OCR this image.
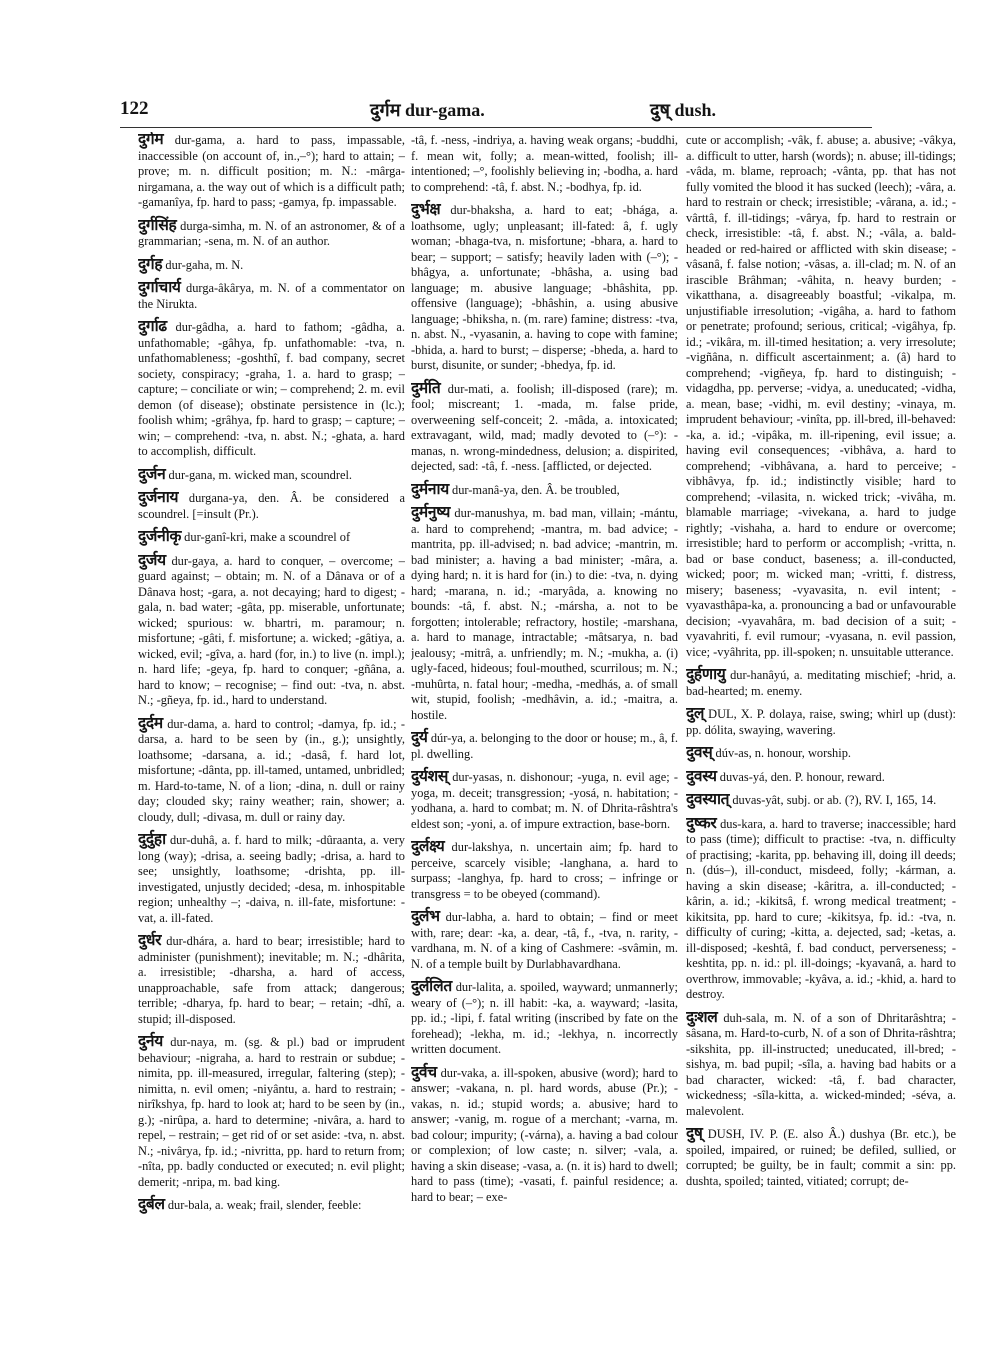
122	दुर्गम dur-gama.	दुष् dush.

दुर्गम dur-gama, a. hard to pass, impassable, inaccessible (on account of, in.,–°); hard to attain; – prove; m. n. difficult position; m. N.: -mârga-nirgamana, a. the way out of which is a difficult path; -gamanîya, fp. hard to pass; -gamya, fp. impassable.

दुर्गसिंह durga-simha, m. N. of an astronomer, & of a grammarian; -sena, m. N. of an author.

दुर्गह dur-gaha, m. N.

दुर्गाचार्य durga-âkârya, m. N. of a commentator on the Nirukta.

दुर्गाढ dur-gâdha, a. hard to fathom; -gâdha, a. unfathomable; -gâhya, fp. unfathomable: -tva, n. unfathomableness; -goshthî, f. bad company, secret society, conspiracy; -graha, 1. a. hard to grasp; – capture; – conciliate or win; – comprehend; 2. m. evil demon (of disease); obstinate persistence in (lc.); foolish whim; -grâhya, fp. hard to grasp; – capture; – win; – comprehend: -tva, n. abst. N.; -ghata, a. hard to accomplish, difficult.

दुर्जन dur-gana, m. wicked man, scoundrel.

दुर्जनाय durgana-ya, den. Â. be considered a scoundrel. [=insult (Pr.).

दुर्जनीकृ dur-ganî-kri, make a scoundrel of

दुर्जय dur-gaya, a. hard to conquer, – overcome; – guard against; – obtain; m. N. of a Dânava or of a Dânava host; -gara, a. not decaying; hard to digest; -gala, n. bad water; -gâta, pp. miserable, unfortunate; wicked; spurious: w. bhartri, m. paramour; n. misfortune; -gâti, f. misfortune; a. wicked; -gâtiya, a. wicked, evil; -gîva, a. hard (for, in.) to live (n. impl.); n. hard life; -geya, fp. hard to conquer; -gñâna, a. hard to know; – recognise; – find out: -tva, n. abst. N.; -gñeya, fp. id., hard to understand.

दुर्दम dur-dama, a. hard to control; -damya, fp. id.; -darsa, a. hard to be seen by (in., g.); unsightly, loathsome; -darsana, a. id.; -dasâ, f. hard lot, misfortune; -dânta, pp. ill-tamed, untamed, unbridled; m. Hard-to-tame, N. of a lion; -dina, n. dull or rainy day; clouded sky; rainy weather; rain, shower; a. cloudy, dull; -divasa, m. dull or rainy day.

दुर्दुहा dur-duhâ, a. f. hard to milk; -dûraanta, a. very long (way); -drisa, a. seeing badly; -drisa, a. hard to see; unsightly, loathsome; -drishta, pp. ill-investigated, unjustly decided; -desa, m. inhospitable region; unhealthy –; -daiva, n. ill-fate, misfortune: -vat, a. ill-fated.

दुर्धर dur-dhára, a. hard to bear; irresistible; hard to administer (punishment); inevitable; m. N.; -dhârita, a. irresistible; -dharsha, a. hard of access, unapproachable, safe from attack; dangerous; terrible; -dharya, fp. hard to bear; – retain; -dhî, a. stupid; ill-disposed.

दुर्नय dur-naya, m. (sg. & pl.) bad or imprudent behaviour; -nigraha, a. hard to restrain or subdue; -nimita, pp. ill-measured, irregular, faltering (step); -nimitta, n. evil omen; -niyântu, a. hard to restrain; -nirîkshya, fp. hard to look at; hard to be seen by (in., g.); -nirûpa, a. hard to determine; -nivâra, a. hard to repel, – restrain; – get rid of or set aside: -tva, n. abst. N.; -nivârya, fp. id.; -nivritta, pp. hard to return from; -nîta, pp. badly conducted or executed; n. evil plight; demerit; -nripa, m. bad king.

दुर्बल dur-bala, a. weak; frail, slender, feeble:

-tâ, f. -ness, -indriya, a. having weak organs; -buddhi, f. mean wit, folly; a. mean-witted, foolish; ill-intentioned; –°, foolishly believing in; -bodha, a. hard to comprehend: -tâ, f. abst. N.; -bodhya, fp. id.

दुर्भक्ष dur-bhaksha, a. hard to eat; -bhága, a. loathsome, ugly; unpleasant; ill-fated: â, f. ugly woman; -bhaga-tva, n. misfortune; -bhara, a. hard to bear; – support; – satisfy; heavily laden with (–°); -bhâgya, a. unfortunate; -bhâsha, a. using bad language; m. abusive language; -bhâshita, pp. offensive (language); -bhâshin, a. using abusive language; -bhiksha, n. (m. rare) famine; distress: -tva, n. abst. N., -vyasanin, a. having to cope with famine; -bhida, a. hard to burst; – disperse; -bheda, a. hard to burst, disunite, or sunder; -bhedya, fp. id.

दुर्मति dur-mati, a. foolish; ill-disposed (rare); m. fool; miscreant; 1. -mada, m. false pride, overweening self-conceit; 2. -mâda, a. intoxicated; extravagant, wild, mad; madly devoted to (–°): -manas, n. wrong-mindedness, delusion; a. dispirited, dejected, sad: -tâ, f. -ness. [afflicted, or dejected.

दुर्मनाय dur-manâ-ya, den. Â. be troubled,

दुर्मनुष्य dur-manushya, m. bad man, villain; -mántu, a. hard to comprehend; -mantra, m. bad advice; -mantrita, pp. ill-advised; n. bad advice; -mantrin, m. bad minister; a. having a bad minister; -mâra, a. dying hard; n. it is hard for (in.) to die: -tva, n. dying hard; -marana, n. id.; -maryâda, a. knowing no bounds: -tâ, f. abst. N.; -mársha, a. not to be forgotten; intolerable; refractory, hostile; -marshana, a. hard to manage, intractable; -mâtsarya, n. bad jealousy; -mitrâ, a. unfriendly; m. N.; -mukha, a. (i) ugly-faced, hideous; foul-mouthed, scurrilous; m. N.; -muhûrta, n. fatal hour; -medha, -medhás, a. of small wit, stupid, foolish; -medhâvin, a. id.; -maitra, a. hostile.

दुर्य dúr-ya, a. belonging to the door or house; m., â, f. pl. dwelling.

दुर्यशस् dur-yasas, n. dishonour; -yuga, n. evil age; -yoga, m. deceit; transgression; -yosá, n. habitation; -yodhana, a. hard to combat; m. N. of Dhrita-râshtra's eldest son; -yoni, a. of impure extraction, base-born.

दुर्लक्ष्य dur-lakshya, n. uncertain aim; fp. hard to perceive, scarcely visible; -langhana, a. hard to surpass; -langhya, fp. hard to cross; – infringe or transgress = to be obeyed (command).

दुर्लभ dur-labha, a. hard to obtain; – find or meet with, rare; dear: -ka, a. dear, -tâ, f., -tva, n. rarity, -vardhana, m. N. of a king of Cashmere: -svâmin, m. N. of a temple built by Durlabhavardhana.

दुर्ललित dur-lalita, a. spoiled, wayward; unmannerly; weary of (–°); n. ill habit: -ka, a. wayward; -lasita, pp. id.; -lipi, f. fatal writing (inscribed by fate on the forehead); -lekha, m. id.; -lekhya, n. incorrectly written document.

दुर्वच dur-vaka, a. ill-spoken, abusive (word); hard to answer; -vakana, n. pl. hard words, abuse (Pr.); -vakas, n. id.; stupid words; a. abusive; hard to answer; -vanig, m. rogue of a merchant; -varna, m. bad colour; impurity; (-várna), a. having a bad colour or complexion; of low caste; n. silver; -vala, a. having a skin disease; -vasa, a. (n. it is) hard to dwell; hard to pass (time); -vasati, f. painful residence; a. hard to bear; – exe-

cute or accomplish; -vâk, f. abuse; a. abusive; -vâkya, a. difficult to utter, harsh (words); n. abuse; ill-tidings; -vâda, m. blame, reproach; -vânta, pp. that has not fully vomited the blood it has sucked (leech); -vâra, a. hard to restrain or check; irresistible; -vârana, a. id.; -vârttâ, f. ill-tidings; -vârya, fp. hard to restrain or check, irresistible: -tâ, f. abst. N.; -vâla, a. bald-headed or red-haired or afflicted with skin disease; -vâsanâ, f. false notion; -vâsas, a. ill-clad; m. N. of an irascible Brâhman; -vâhita, n. heavy burden; -vikatthana, a. disagreeably boastful; -vikalpa, m. unjustifiable irresolution; -vigâha, a. hard to fathom or penetrate; profound; serious, critical; -vigâhya, fp. id.; -vikâra, m. ill-timed hesitation; a. very irresolute; -vigñâna, n. difficult ascertainment; a. (â) hard to comprehend; -vigñeya, fp. hard to distinguish; -vidagdha, pp. perverse; -vidya, a. uneducated; -vidha, a. mean, base; -vidhi, m. evil destiny; -vinaya, m. imprudent behaviour; -vinîta, pp. ill-bred, ill-behaved: -ka, a. id.; -vipâka, m. ill-ripening, evil issue; a. having evil consequences; -vibhâva, a. hard to comprehend; -vibhâvana, a. hard to perceive; -vibhâvya, fp. id.; indistinctly visible; hard to comprehend; -vilasita, n. wicked trick; -vivâha, m. blamable marriage; -vivekana, a. hard to judge rightly; -vishaha, a. hard to endure or overcome; irresistible; hard to perform or accomplish; -vritta, n. bad or base conduct, baseness; a. ill-conducted, wicked; poor; m. wicked man; -vritti, f. distress, misery; baseness; -vyavasita, n. evil intent; -vyavasthâpa-ka, a. pronouncing a bad or unfavourable decision; -vyavahâra, m. bad decision of a suit; -vyavahriti, f. evil rumour; -vyasana, n. evil passion, vice; -vyâhrita, pp. ill-spoken; n. unsuitable utterance.

दुर्हणायु dur-hanâyú, a. meditating mischief; -hrid, a. bad-hearted; m. enemy.

दुल् DUL, X. P. dolaya, raise, swing; whirl up (dust): pp. dólita, swaying, wavering.

दुवस् dúv-as, n. honour, worship.

दुवस्य duvas-yá, den. P. honour, reward.

दुवस्यात् duvas-yât, subj. or ab. (?), RV. I, 165, 14.

दुष्कर dus-kara, a. hard to traverse; inaccessible; hard to pass (time); difficult to practise: -tva, n. difficulty of practising; -karita, pp. behaving ill, doing ill deeds; n. (dús–), ill-conduct, misdeed, folly; -kárman, a. having a skin disease; -kâritra, a. ill-conducted; -kârin, a. id.; -kikitsâ, f. wrong medical treatment; -kikitsita, pp. hard to cure; -kikitsya, fp. id.: -tva, n. difficulty of curing; -kitta, a. dejected, sad; -ketas, a. ill-disposed; -keshtâ, f. bad conduct, perverseness; -keshtita, pp. n. id.: pl. ill-doings; -kyavanâ, a. hard to overthrow, immovable; -kyâva, a. id.; -khid, a. hard to destroy.

दुःशल duh-sala, m. N. of a son of Dhritarâshtra; -sâsana, m. Hard-to-curb, N. of a son of Dhrita-râshtra; -sikshita, pp. ill-instructed; uneducated, ill-bred; -sishya, m. bad pupil; -sîla, a. having bad habits or a bad character, wicked: -tâ, f. bad character, wickedness; -sîla-kitta, a. wicked-minded; -séva, a. malevolent.

दुष् DUSH, IV. P. (E. also Â.) dushya (Br. etc.), be spoiled, impaired, or ruined; be defiled, sullied, or corrupted; be guilty, be in fault; commit a sin: pp. dushta, spoiled; tainted, vitiated; corrupt; de-
